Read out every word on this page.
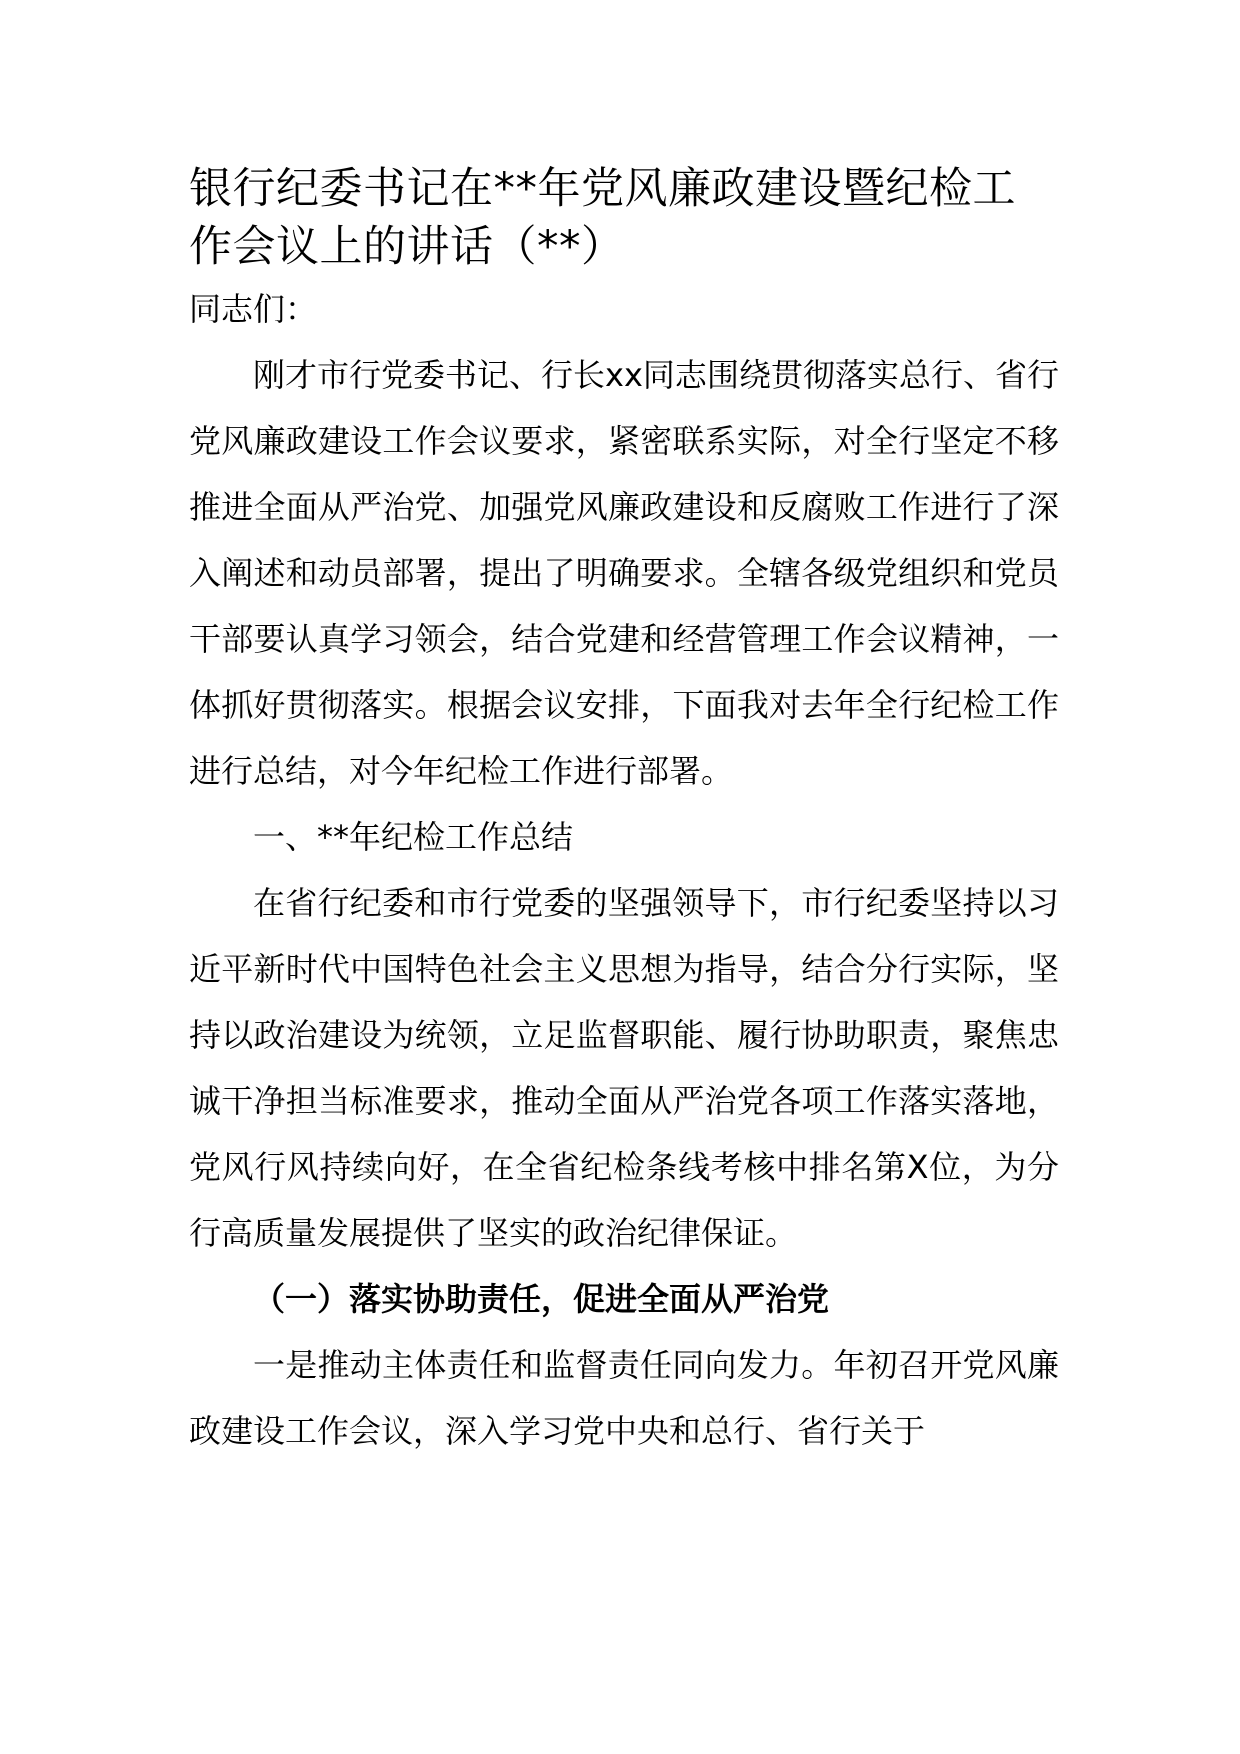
银行纪委书记在**年党风廉政建设暨纪检工作会议上的讲话（**）

同志们：

刚才市行党委书记、行长xx同志围绕贯彻落实总行、省行党风廉政建设工作会议要求，紧密联系实际，对全行坚定不移推进全面从严治党、加强党风廉政建设和反腐败工作进行了深入阐述和动员部署，提出了明确要求。全辖各级党组织和党员干部要认真学习领会，结合党建和经营管理工作会议精神，一体抓好贯彻落实。根据会议安排，下面我对去年全行纪检工作进行总结，对今年纪检工作进行部署。

一、**年纪检工作总结

在省行纪委和市行党委的坚强领导下，市行纪委坚持以习近平新时代中国特色社会主义思想为指导，结合分行实际，坚持以政治建设为统领，立足监督职能、履行协助职责，聚焦忠诚干净担当标准要求，推动全面从严治党各项工作落实落地，党风行风持续向好，在全省纪检条线考核中排名第X位，为分行高质量发展提供了坚实的政治纪律保证。

（一）落实协助责任，促进全面从严治党

一是推动主体责任和监督责任同向发力。年初召开党风廉政建设工作会议，深入学习党中央和总行、省行关于
